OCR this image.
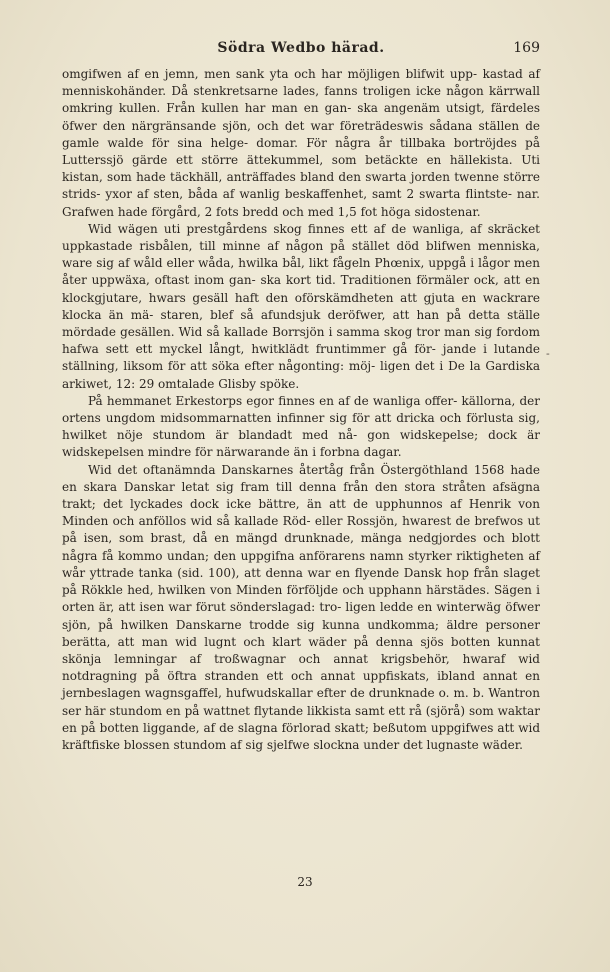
Södra Wedbo härad.	169

omgifwen af en jemn, men sank yta och har möjligen blifwit upp- kastad af menniskohänder. Då stenkretsarne lades, fanns troligen icke någon kärrwall omkring kullen. Från kullen har man en gan- ska angenäm utsigt, färdeles öfwer den närgränsande sjön, och det war företrädeswis sådana ställen de gamle walde för sina helge- domar. För några år tillbaka bortröjdes på Lutterssjö gärde ett större ättekummel, som betäckte en hällekista. Uti kistan, som hade täckhäll, anträffades bland den swarta jorden twenne större strids- yxor af sten, båda af wanlig beskaffenhet, samt 2 swarta flintste- nar. Grafwen hade förgård, 2 fots bredd och med 1,5 fot höga sidostenar.

Wid wägen uti prestgårdens skog finnes ett af de wanliga, af skräcket uppkastade risbålen, till minne af någon på stället död blifwen menniska, ware sig af wåld eller wåda, hwilka bål, likt fågeln Phœnix, uppgå i lågor men åter uppwäxa, oftast inom gan- ska kort tid. Traditionen förmäler ock, att en klockgjutare, hwars gesäll haft den oförskämdheten att gjuta en wackrare klocka än mä- staren, blef så afundsjuk deröfwer, att han på detta ställe mördade gesällen. Wid så kallade Borrsjön i samma skog tror man sig fordom hafwa sett ett myckel långt, hwitklädt fruntimmer gå för- jande i lutande ställning, liksom för att söka efter någonting: möj- ligen det i De la Gardiska arkiwet, 12: 29 omtalade Glisby spöke.

På hemmanet Erkestorps egor finnes en af de wanliga offer- källorna, der ortens ungdom midsommarnatten infinner sig för att dricka och förlusta sig, hwilket nöje stundom är blandadt med nå- gon widskepelse; dock är widskepelsen mindre för närwarande än i forbna dagar.

Wid det oftanämnda Danskarnes återtåg från Östergöthland 1568 hade en skara Danskar letat sig fram till denna från den stora stråten afsägna trakt; det lyckades dock icke bättre, än att de upphunnos af Henrik von Minden och anföllos wid så kallade Röd- eller Rossjön, hwarest de brefwos ut på isen, som brast, då en mängd drunknade, mänga nedgjordes och blott några få kommo undan; den uppgifna anförarens namn styrker riktigheten af wår yttrade tanka (sid. 100), att denna war en flyende Dansk hop från slaget på Rökkle hed, hwilken von Minden förföljde och upphann härstädes. Sägen i orten är, att isen war förut sönderslagad: tro- ligen ledde en winterwäg öfwer sjön, på hwilken Danskarne trodde sig kunna undkomma; äldre personer berätta, att man wid lugnt och klart wäder på denna sjös botten kunnat skönja lemningar af troßwagnar och annat krigsbehör, hwaraf wid notdragning på öftra stranden ett och annat uppfiskats, ibland annat en jernbeslagen wagnsgaffel, hufwudskallar efter de drunknade o. m. b. Wantron ser här stundom en på wattnet flytande likkista samt ett rå (sjörå) som waktar en på botten liggande, af de slagna förlorad skatt; beßutom uppgifwes att wid kräftfiske blossen stundom af sig sjelfwe slockna under det lugnaste wäder.

-
23
